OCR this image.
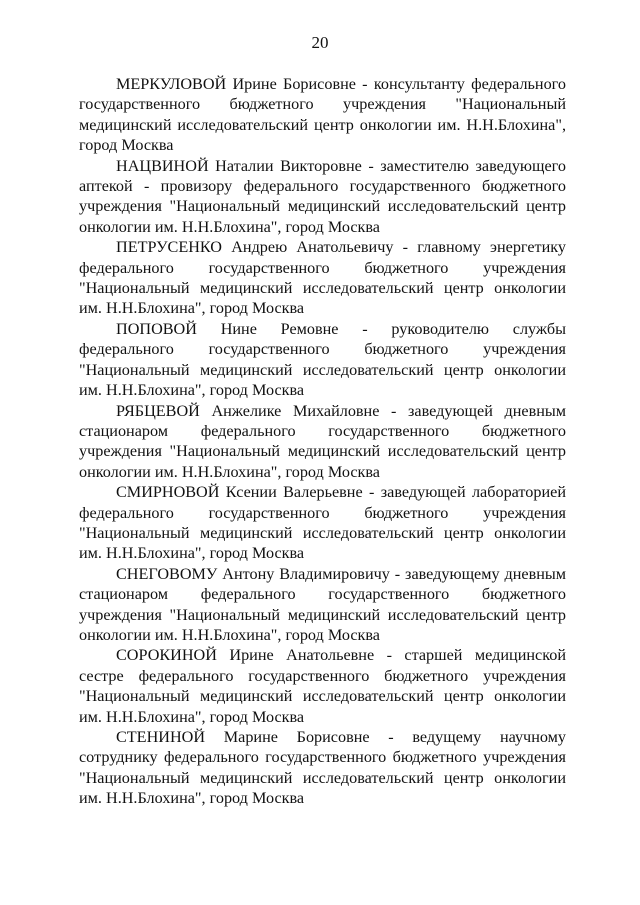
20

МЕРКУЛОВОЙ Ирине Борисовне - консультанту федерального государственного бюджетного учреждения "Национальный медицинский исследовательский центр онкологии им. Н.Н.Блохина", город Москва

НАЦВИНОЙ Наталии Викторовне - заместителю заведующего аптекой - провизору федерального государственного бюджетного учреждения "Национальный медицинский исследовательский центр онкологии им. Н.Н.Блохина", город Москва

ПЕТРУСЕНКО Андрею Анатольевичу - главному энергетику федерального государственного бюджетного учреждения "Национальный медицинский исследовательский центр онкологии им. Н.Н.Блохина", город Москва

ПОПОВОЙ Нине Ремовне - руководителю службы федерального государственного бюджетного учреждения "Национальный медицинский исследовательский центр онкологии им. Н.Н.Блохина", город Москва

РЯБЦЕВОЙ Анжелике Михайловне - заведующей дневным стационаром федерального государственного бюджетного учреждения "Национальный медицинский исследовательский центр онкологии им. Н.Н.Блохина", город Москва

СМИРНОВОЙ Ксении Валерьевне - заведующей лабораторией федерального государственного бюджетного учреждения "Национальный медицинский исследовательский центр онкологии им. Н.Н.Блохина", город Москва

СНЕГОВОМУ Антону Владимировичу - заведующему дневным стационаром федерального государственного бюджетного учреждения "Национальный медицинский исследовательский центр онкологии им. Н.Н.Блохина", город Москва

СОРОКИНОЙ Ирине Анатольевне - старшей медицинской сестре федерального государственного бюджетного учреждения "Национальный медицинский исследовательский центр онкологии им. Н.Н.Блохина", город Москва

СТЕНИНОЙ Марине Борисовне - ведущему научному сотруднику федерального государственного бюджетного учреждения "Национальный медицинский исследовательский центр онкологии им. Н.Н.Блохина", город Москва
